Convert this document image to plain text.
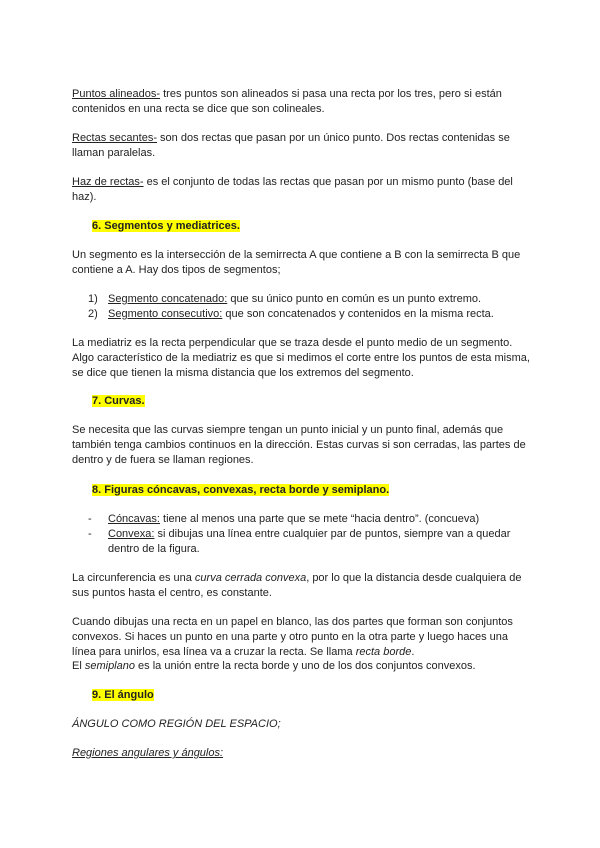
Puntos alineados- tres puntos son alineados si pasa una recta por los tres, pero si están contenidos en una recta se dice que son colineales.

Rectas secantes- son dos rectas que pasan por un único punto. Dos rectas contenidas se llaman paralelas.

Haz de rectas- es el conjunto de todas las rectas que pasan por un mismo punto (base del haz).

6. Segmentos y mediatrices.

Un segmento es la intersección de la semirrecta A que contiene a B con la semirrecta B que contiene a A. Hay dos tipos de segmentos;

1) Segmento concatenado: que su único punto en común es un punto extremo.

2) Segmento consecutivo: que son concatenados y contenidos en la misma recta.

La mediatriz es la recta perpendicular que se traza desde el punto medio de un segmento. Algo característico de la mediatriz es que si medimos el corte entre los puntos de esta misma, se dice que tienen la misma distancia que los extremos del segmento.

7. Curvas.

Se necesita que las curvas siempre tengan un punto inicial y un punto final, además que también tenga cambios continuos en la dirección. Estas curvas si son cerradas, las partes de dentro y de fuera se llaman regiones.

8. Figuras cóncavas, convexas, recta borde y semiplano.

-	Cóncavas: tiene al menos una parte que se mete “hacia dentro”. (concueva)

-	Convexa: si dibujas una línea entre cualquier par de puntos, siempre van a quedar dentro de la figura.

La circunferencia es una curva cerrada convexa, por lo que la distancia desde cualquiera de sus puntos hasta el centro, es constante.

Cuando dibujas una recta en un papel en blanco, las dos partes que forman son conjuntos convexos. Si haces un punto en una parte y otro punto en la otra parte y luego haces una línea para unirlos, esa línea va a cruzar la recta. Se llama recta borde.

El semiplano es la unión entre la recta borde y uno de los dos conjuntos convexos.

9. El ángulo

ÁNGULO COMO REGIÓN DEL ESPACIO;

Regiones angulares y ángulos:
